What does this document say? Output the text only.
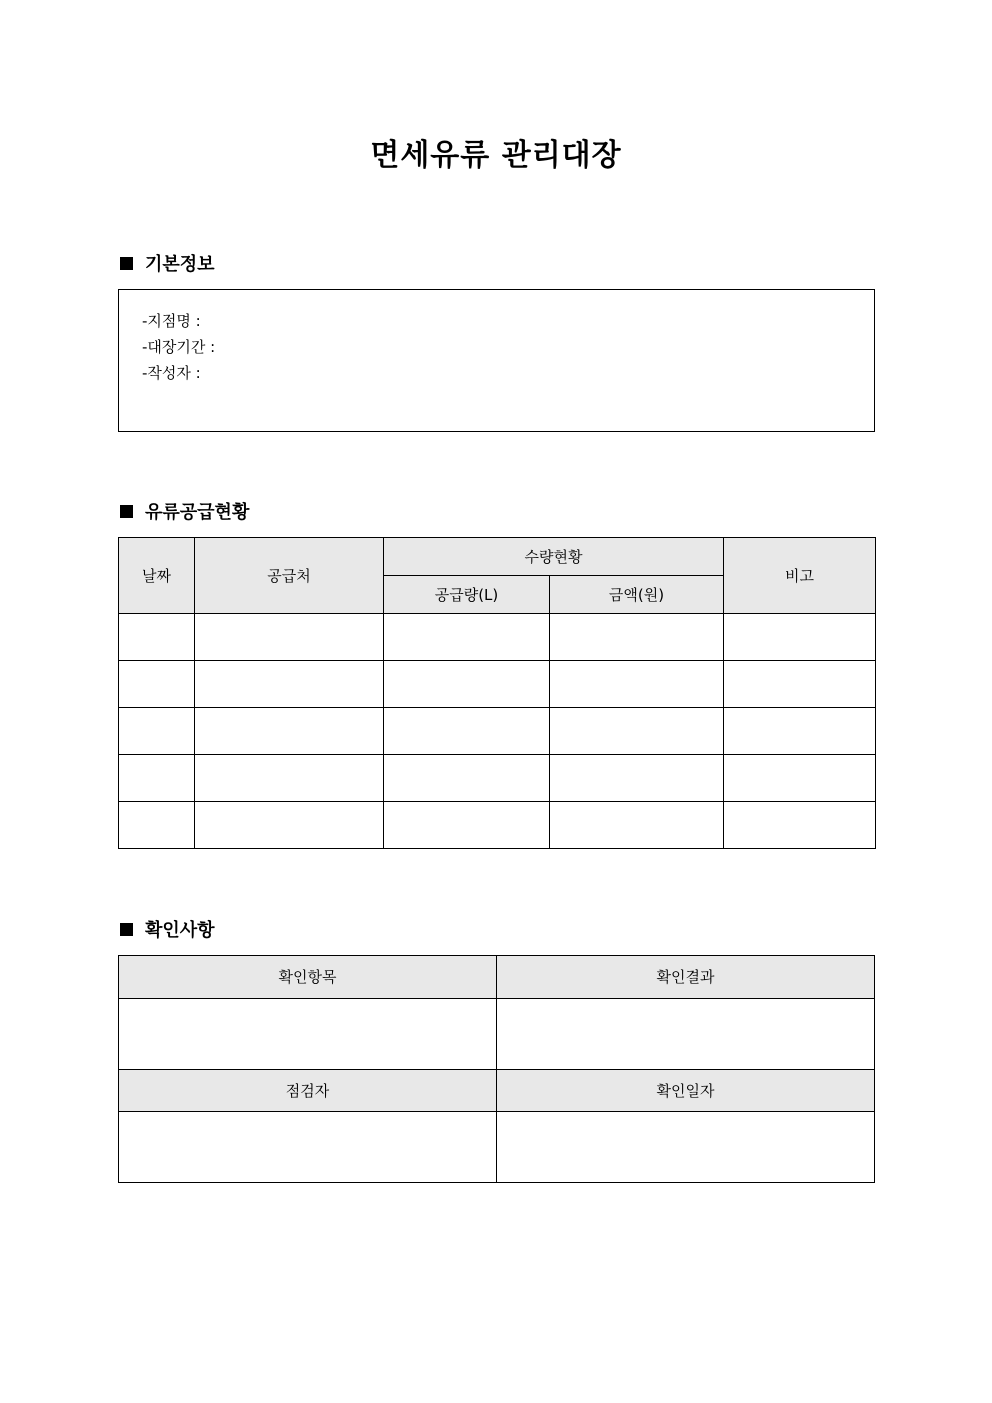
면세유류 관리대장
기본정보
-지점명 :
-대장기간 :
-작성자 :
유류공급현황
날짜	공급처	수량현황		비고
		공급량(L)	금액(원)	

확인사항
확인항목	확인결과

점검자	확인일자
